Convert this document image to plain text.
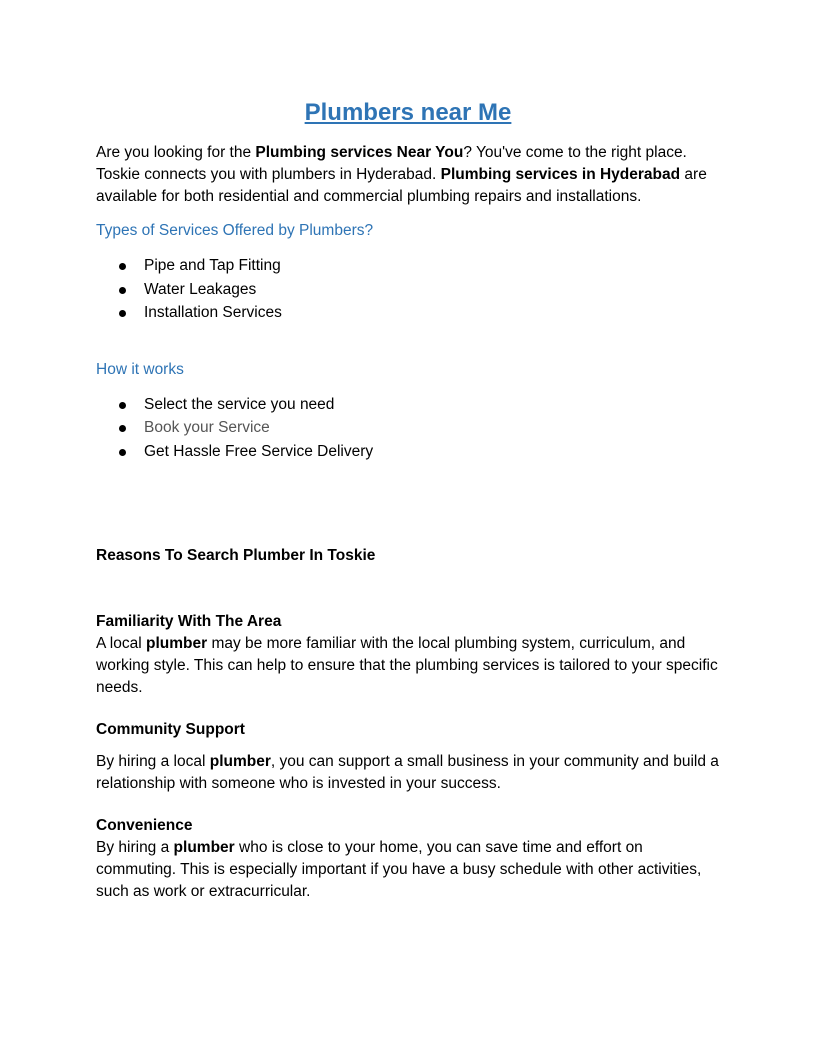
Plumbers near Me

Are you looking for the Plumbing services Near You? You've come to the right place. Toskie connects you with plumbers in Hyderabad. Plumbing services in Hyderabad are available for both residential and commercial plumbing repairs and installations.

Types of Services Offered by Plumbers?

Pipe and Tap Fitting
Water Leakages
Installation Services

How it works

Select the service you need
Book your Service
Get Hassle Free Service Delivery

Reasons To Search Plumber In Toskie

Familiarity With The Area

A local plumber may be more familiar with the local plumbing system, curriculum, and working style. This can help to ensure that the plumbing services is tailored to your specific needs.

Community Support

By hiring a local plumber, you can support a small business in your community and build a relationship with someone who is invested in your success.

Convenience

By hiring a plumber who is close to your home, you can save time and effort on commuting. This is especially important if you have a busy schedule with other activities, such as work or extracurricular.
